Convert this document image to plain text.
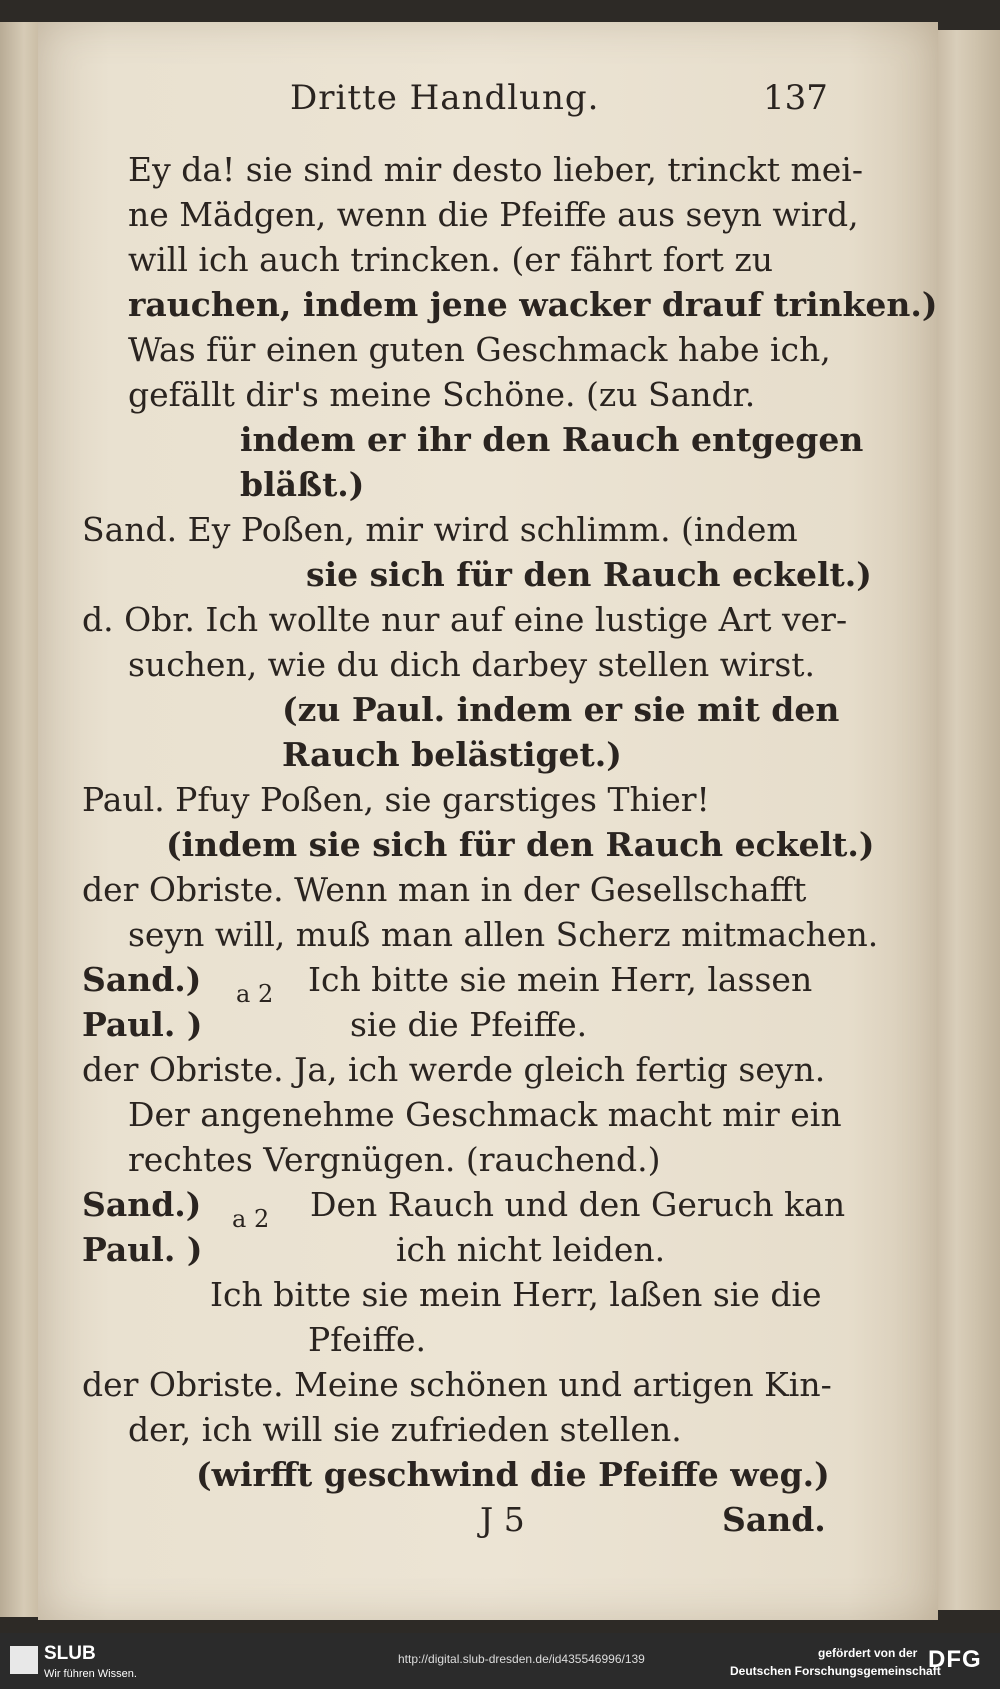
Dritte Handlung.	137
Ey da! sie sind mir desto lieber, trinckt mei-
ne Mädgen, wenn die Pfeiffe aus seyn wird,
will ich auch trincken. (er fährt fort zu
rauchen, indem jene wacker drauf trinken.)
Was für einen guten Geschmack habe ich,
gefällt dir's meine Schöne. (zu Sandr.
indem er ihr den Rauch entgegen
bläßt.)
Sand. Ey Poßen, mir wird schlimm. (indem
sie sich für den Rauch eckelt.)
d. Obr. Ich wollte nur auf eine lustige Art ver-
suchen, wie du dich darbey stellen wirst.
(zu Paul. indem er sie mit den
Rauch belästiget.)
Paul. Pfuy Poßen, sie garstiges Thier!
(indem sie sich für den Rauch eckelt.)
der Obriste. Wenn man in der Gesellschafft
seyn will, muß man allen Scherz mitmachen.
Sand.) a 2 Ich bitte sie mein Herr, lassen
Paul. )	sie die Pfeiffe.
der Obriste. Ja, ich werde gleich fertig seyn.
Der angenehme Geschmack macht mir ein
rechtes Vergnügen. (rauchend.)
Sand.) a 2 Den Rauch und den Geruch kan
Paul. )	ich nicht leiden.
Ich bitte sie mein Herr, laßen sie die
Pfeiffe.
der Obriste. Meine schönen und artigen Kin-
der, ich will sie zufrieden stellen.
(wirfft geschwind die Pfeiffe weg.)
J 5	Sand.
SLUB
Wir führen Wissen.
http://digital.slub-dresden.de/id435546996/139	gefördert von der
Deutschen Forschungsgemeinschaft
DFG
